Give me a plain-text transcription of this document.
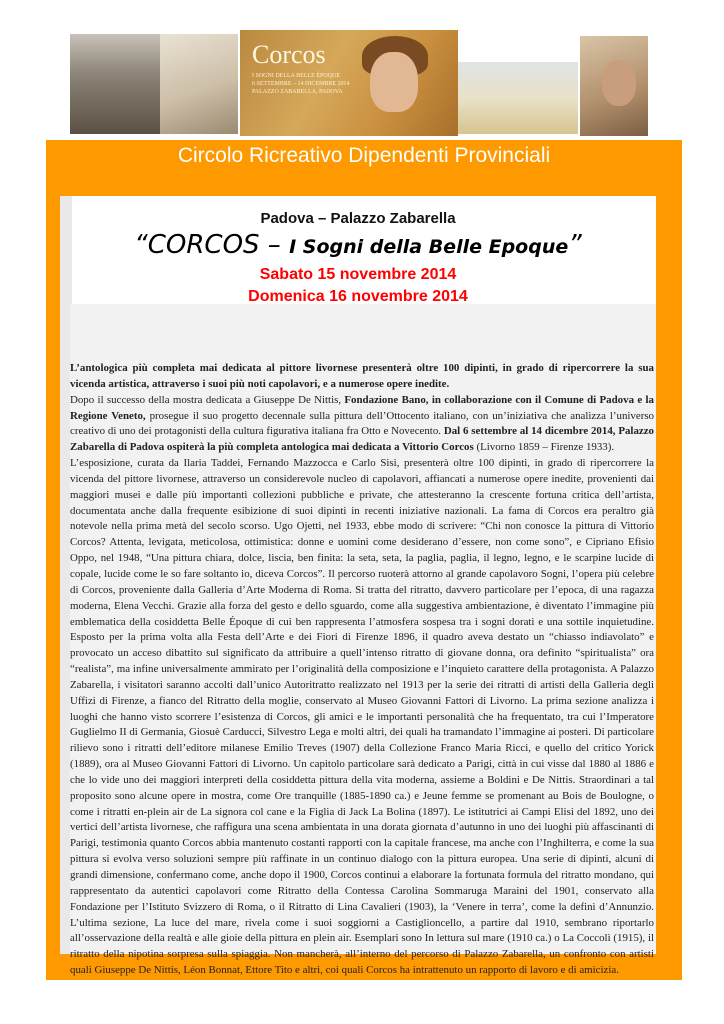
Corcos
I SOGNI DELLA BELLE ÉPOQUE
6 SETTEMBRE – 14 DICEMBRE 2014
PALAZZO ZABARELLA, PADOVA
Circolo Ricreativo Dipendenti Provinciali
Padova – Palazzo Zabarella
“CORCOS – I Sogni della Belle Epoque”
Sabato 15 novembre 2014
Domenica 16 novembre 2014

L’antologica più completa mai dedicata al pittore livornese presenterà oltre 100 dipinti, in grado di ripercorrere la sua vicenda artistica, attraverso i suoi più noti capolavori, e a numerose opere inedite.

Dopo il successo della mostra dedicata a Giuseppe De Nittis, Fondazione Bano, in collaborazione con il Comune di Padova e la Regione Veneto, prosegue il suo progetto decennale sulla pittura dell’Ottocento italiano, con un’iniziativa che analizza l’universo creativo di uno dei protagonisti della cultura figurativa italiana fra Otto e Novecento. Dal 6 settembre al 14 dicembre 2014, Palazzo Zabarella di Padova ospiterà la più completa antologica mai dedicata a Vittorio Corcos (Livorno 1859 – Firenze 1933).

L’esposizione, curata da Ilaria Taddei, Fernando Mazzocca e Carlo Sisi, presenterà oltre 100 dipinti, in grado di ripercorrere la vicenda del pittore livornese, attraverso un considerevole nucleo di capolavori, affiancati a numerose opere inedite, provenienti dai maggiori musei e dalle più importanti collezioni pubbliche e private, che attesteranno la crescente fortuna critica dell’artista, documentata anche dalla frequente esibizione di suoi dipinti in recenti iniziative nazionali. La fama di Corcos era peraltro già notevole nella prima metà del secolo scorso. Ugo Ojetti, nel 1933, ebbe modo di scrivere: “Chi non conosce la pittura di Vittorio Corcos? Attenta, levigata, meticolosa, ottimistica: donne e uomini come desiderano d’essere, non come sono”, e Cipriano Efisio Oppo, nel 1948, “Una pittura chiara, dolce, liscia, ben finita: la seta, seta, la paglia, paglia, il legno, legno, e le scarpine lucide di copale, lucide come le so fare soltanto io, diceva Corcos”. Il percorso ruoterà attorno al grande capolavoro Sogni, l’opera più celebre di Corcos, proveniente dalla Galleria d’Arte Moderna di Roma. Si tratta del ritratto, davvero particolare per l’epoca, di una ragazza moderna, Elena Vecchi. Grazie alla forza del gesto e dello sguardo, come alla suggestiva ambientazione, è diventato l’immagine più emblematica della cosiddetta Belle Époque di cui ben rappresenta l’atmosfera sospesa tra i sogni dorati e una sottile inquietudine. Esposto per la prima volta alla Festa dell’Arte e dei Fiori di Firenze 1896, il quadro aveva destato un “chiasso indiavolato” e provocato un acceso dibattito sul significato da attribuire a quell’intenso ritratto di giovane donna, ora definito “spiritualista” ora “realista”, ma infine universalmente ammirato per l’originalità della composizione e l’inquieto carattere della protagonista. A Palazzo Zabarella, i visitatori saranno accolti dall’unico Autoritratto realizzato nel 1913 per la serie dei ritratti di artisti della Galleria degli Uffizi di Firenze, a fianco del Ritratto della moglie, conservato al Museo Giovanni Fattori di Livorno. La prima sezione analizza i luoghi che hanno visto scorrere l’esistenza di Corcos, gli amici e le importanti personalità che ha frequentato, tra cui l’Imperatore Guglielmo II di Germania, Giosuè Carducci, Silvestro Lega e molti altri, dei quali ha tramandato l’immagine ai posteri. Di particolare rilievo sono i ritratti dell’editore milanese Emilio Treves (1907) della Collezione Franco Maria Ricci, e quello del critico Yorick (1889), ora al Museo Giovanni Fattori di Livorno. Un capitolo particolare sarà dedicato a Parigi, città in cui visse dal 1880 al 1886 e che lo vide uno dei maggiori interpreti della cosiddetta pittura della vita moderna, assieme a Boldini e De Nittis. Straordinari a tal proposito sono alcune opere in mostra, come Ore tranquille (1885-1890 ca.) e Jeune femme se promenant au Bois de Boulogne, o come i ritratti en-plein air de La signora col cane e la Figlia di Jack La Bolina (1897). Le istitutrici ai Campi Elisi del 1892, uno dei vertici dell’artista livornese, che raffigura una scena ambientata in una dorata giornata d’autunno in uno dei luoghi più affascinanti di Parigi, testimonia quanto Corcos abbia mantenuto costanti rapporti con la capitale francese, ma anche con l’Inghilterra, e come la sua pittura si evolva verso soluzioni sempre più raffinate in un continuo dialogo con la pittura europea. Una serie di dipinti, alcuni di grandi dimensione, confermano come, anche dopo il 1900, Corcos continui a elaborare la fortunata formula del ritratto mondano, qui rappresentato da autentici capolavori come Ritratto della Contessa Carolina Sommaruga Maraini del 1901, conservato alla Fondazione per l’Istituto Svizzero di Roma, o il Ritratto di Lina Cavalieri (1903), la ‘Venere in terra’, come la definì d’Annunzio. L’ultima sezione, La luce del mare, rivela come i suoi soggiorni a Castiglioncello, a partire dal 1910, sembrano riportarlo all’osservazione della realtà e alle gioie della pittura en plein air. Esemplari sono In lettura sul mare (1910 ca.) o La Coccolì (1915), il ritratto della nipotina sorpresa sulla spiaggia. Non mancherà, all’interno del percorso di Palazzo Zabarella, un confronto con artisti quali Giuseppe De Nittis, Léon Bonnat, Ettore Tito e altri, coi quali Corcos ha intrattenuto un rapporto di lavoro e di amicizia.
